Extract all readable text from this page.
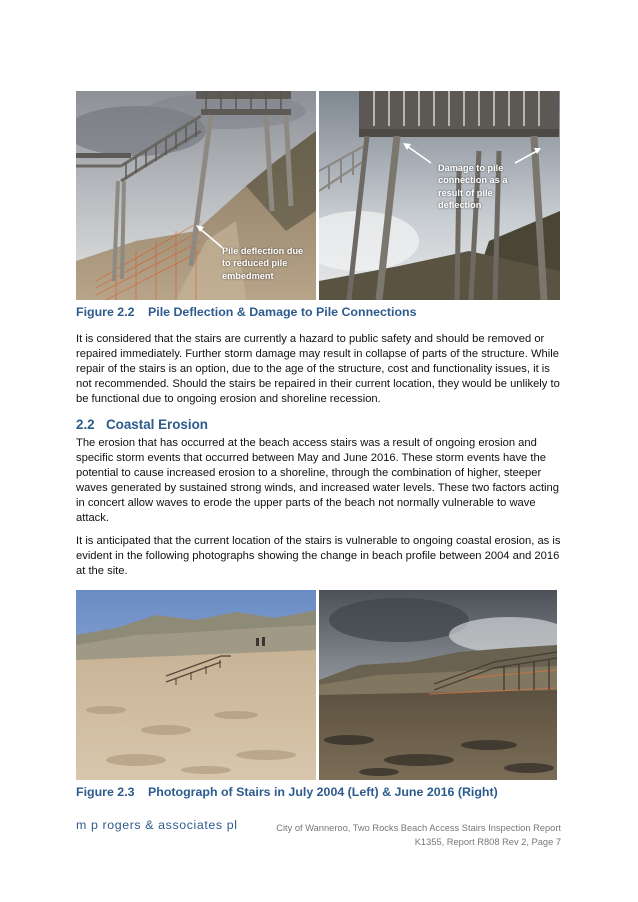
Pile deflection due
to reduced pile
embedment
Damage to pile
connection as a
result of pile
deflection
Figure 2.2 Pile Deflection & Damage to Pile Connections

It is considered that the stairs are currently a hazard to public safety and should be removed or repaired immediately. Further storm damage may result in collapse of parts of the structure. While repair of the stairs is an option, due to the age of the structure, cost and functionality issues, it is not recommended. Should the stairs be repaired in their current location, they would be unlikely to be functional due to ongoing erosion and shoreline recession.

2.2 Coastal Erosion

The erosion that has occurred at the beach access stairs was a result of ongoing erosion and specific storm events that occurred between May and June 2016. These storm events have the potential to cause increased erosion to a shoreline, through the combination of higher, steeper waves generated by sustained strong winds, and increased water levels. These two factors acting in concert allow waves to erode the upper parts of the beach not normally vulnerable to wave attack.

It is anticipated that the current location of the stairs is vulnerable to ongoing coastal erosion, as is evident in the following photographs showing the change in beach profile between 2004 and 2016 at the site.

Figure 2.3 Photograph of Stairs in July 2004 (Left) & June 2016 (Right)
m p rogers & associates pl	City of Wanneroo, Two Rocks Beach Access Stairs Inspection Report
K1355, Report R808 Rev 2, Page 7
